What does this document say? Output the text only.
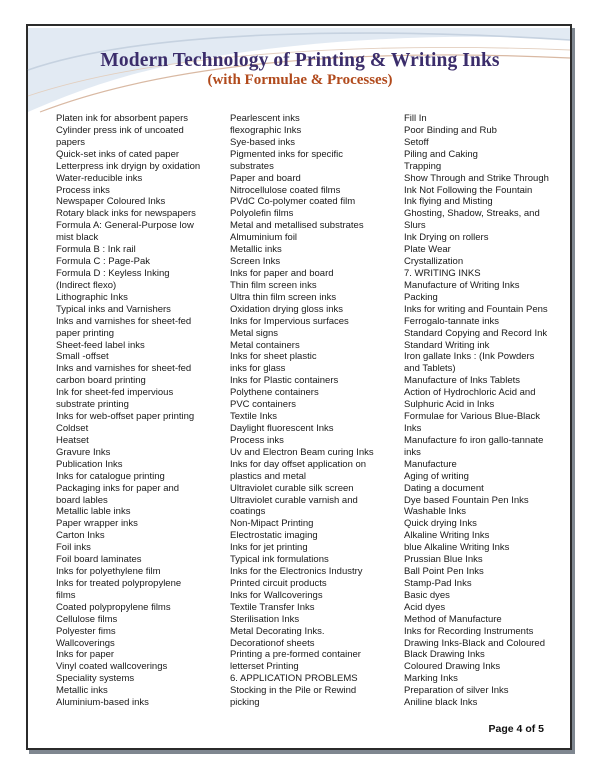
Modern Technology of Printing & Writing Inks
(with Formulae & Processes)
Platen ink for absorbent papers
Cylinder press ink of uncoated
papers
Quick-set inks of cated paper
Letterpress ink dryign by oxidation
Water-reducible inks
Process inks
Newspaper Coloured Inks
Rotary black inks for newspapers
Formula A: General-Purpose low
mist black
Formula B : Ink rail
Formula C : Page-Pak
Formula D : Keyless Inking
(Indirect flexo)
Lithographic Inks
Typical inks and Varnishers
Inks and varnishes for sheet-fed
paper printing
Sheet-feed label inks
Small -offset
Inks and varnishes for sheet-fed
carbon board printing
Ink for sheet-fed impervious
substrate printing
Inks for web-offset paper printing
Coldset
Heatset
Gravure Inks
Publication Inks
Inks for catalogue printing
Packaging inks for paper and
board lables
Metallic lable inks
Paper wrapper inks
Carton Inks
Foil inks
Foil board laminates
Inks for polyethylene film
Inks for treated polypropylene
films
Coated polypropylene films
Cellulose films
Polyester fims
Wallcoverings
Inks for paper
Vinyl coated wallcoverings
Speciality systems
Metallic inks
Aluminium-based inks
Pearlescent inks
flexographic Inks
Sye-based inks
Pigmented inks for specific
substrates
Paper and board
Nitrocellulose coated films
PVdC Co-polymer coated film
Polyolefin films
Metal and metallised substrates
Almuminium foil
Metallic inks
Screen Inks
Inks for paper and board
Thin film screen inks
Ultra thin film screen inks
Oxidation drying gloss inks
Inks for Impervious surfaces
Metal signs
Metal containers
Inks for sheet plastic
inks for glass
Inks for Plastic containers
Polythene containers
PVC containers
Textile Inks
Daylight fluorescent Inks
Process inks
Uv and Electron Beam curing Inks
Inks for day offset application on
plastics and metal
Ultraviolet curable silk screen
Ultraviolet curable varnish and
coatings
Non-Mipact Printing
Electrostatic imaging
Inks for jet printing
Typical ink formulations
Inks for the Electronics Industry
Printed circuit products
Inks for Wallcoverings
Textile Transfer Inks
Sterilisation Inks
Metal Decorating Inks.
Decorationof sheets
Printing a pre-formed container
letterset Printing
6. APPLICATION PROBLEMS
Stocking in the Pile or Rewind
picking
Fill In
Poor Binding and Rub
Setoff
Piling and Caking
Trapping
Show Through and Strike Through
Ink Not Following the Fountain
Ink flying and Misting
Ghosting, Shadow, Streaks, and
Slurs
Ink Drying on rollers
Plate Wear
Crystallization
7. WRITING INKS
Manufacture of Writing Inks
Packing
Inks for writing and Fountain Pens
Ferrogalo-tannate inks
Standard Copying and Record Ink
Standard Writing ink
Iron gallate Inks : (Ink Powders
and Tablets)
Manufacture of Inks Tablets
Action of Hydrochloric Acid and
Sulphuric Acid in Inks
Formulae for Various Blue-Black
Inks
Manufacture fo iron gallo-tannate
inks
Manufacture
Aging of writing
Dating a document
Dye based Fountain Pen Inks
Washable Inks
Quick drying Inks
Alkaline Writing Inks
blue Alkaline Writing Inks
Prussian Blue Inks
Ball Point Pen Inks
Stamp-Pad Inks
Basic dyes
Acid dyes
Method of Manufacture
Inks for Recording Instruments
Drawing Inks-Black and Coloured
Black Drawing Inks
Coloured Drawing Inks
Marking Inks
Preparation of silver Inks
Aniline black Inks
Page 4 of 5
